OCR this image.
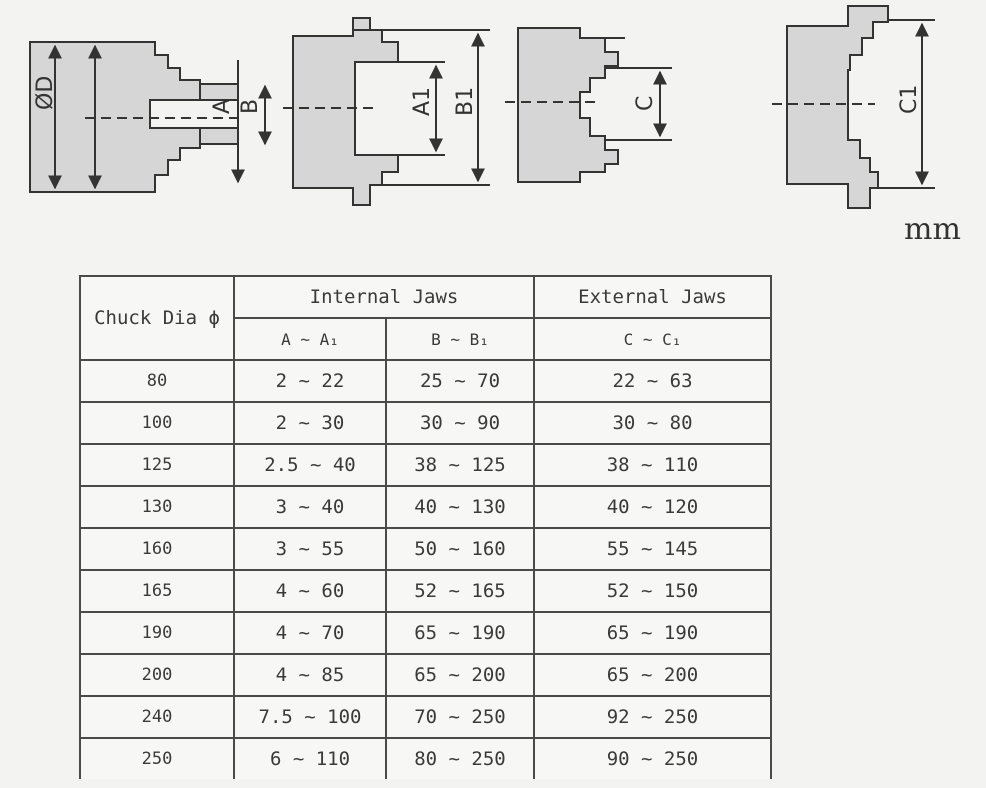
ØD	A B	A1 B1	C	C1
mm
Chuck Dia ϕ	Internal Jaws		External Jaws
	A ~ A₁	B ~ B₁	C ~ C₁
80	2 ~ 22	25 ~ 70	22 ~ 63
100	2 ~ 30	30 ~ 90	30 ~ 80
125	2.5 ~ 40	38 ~ 125	38 ~ 110
130	3 ~ 40	40 ~ 130	40 ~ 120
160	3 ~ 55	50 ~ 160	55 ~ 145
165	4 ~ 60	52 ~ 165	52 ~ 150
190	4 ~ 70	65 ~ 190	65 ~ 190
200	4 ~ 85	65 ~ 200	65 ~ 200
240	7.5 ~ 100	70 ~ 250	92 ~ 250
250	6 ~ 110	80 ~ 250	90 ~ 250
